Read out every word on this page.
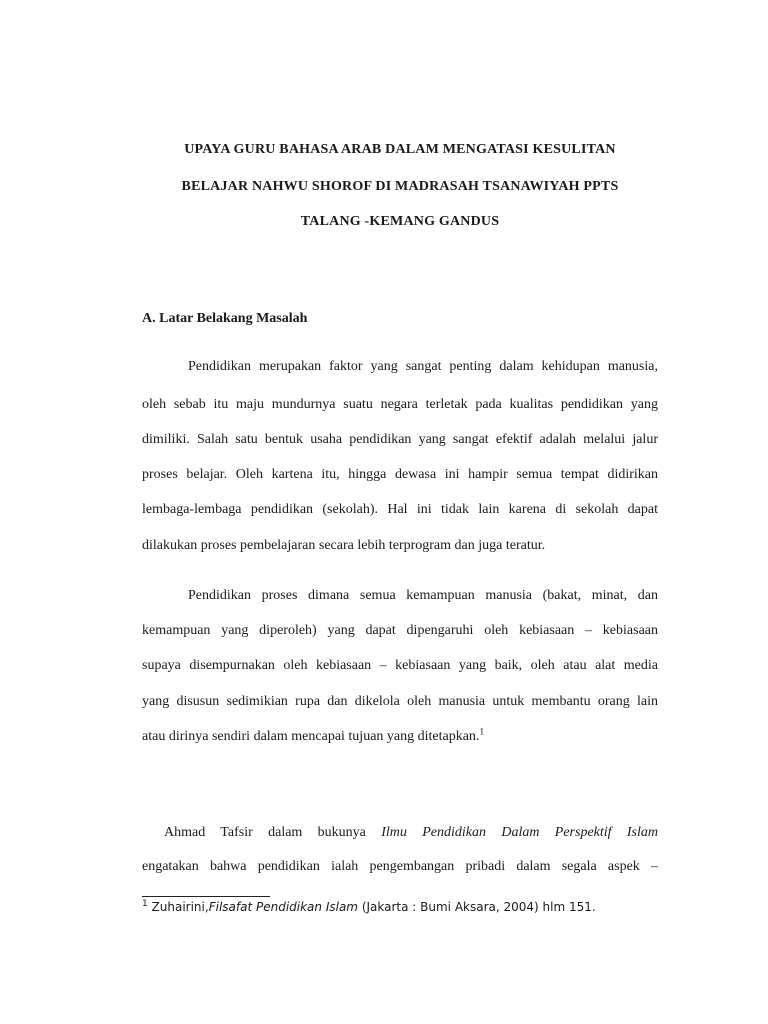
UPAYA GURU BAHASA ARAB DALAM MENGATASI KESULITAN
BELAJAR NAHWU SHOROF DI MADRASAH TSANAWIYAH PPTS
TALANG -KEMANG GANDUS
A. Latar Belakang Masalah
Pendidikan merupakan faktor yang sangat penting dalam kehidupan manusia,
oleh sebab itu maju mundurnya suatu negara terletak pada kualitas pendidikan yang
dimiliki. Salah satu bentuk usaha pendidikan yang sangat efektif adalah melalui jalur
proses belajar. Oleh kartena itu, hingga dewasa ini hampir semua tempat didirikan
lembaga-lembaga pendidikan (sekolah). Hal ini tidak lain karena di sekolah dapat
dilakukan proses pembelajaran secara lebih terprogram dan juga teratur.
Pendidikan proses dimana semua kemampuan manusia (bakat, minat, dan
kemampuan yang diperoleh) yang dapat dipengaruhi oleh kebiasaan – kebiasaan
supaya disempurnakan oleh kebiasaan – kebiasaan yang baik, oleh atau alat media
yang disusun sedimikian rupa dan dikelola oleh manusia untuk membantu orang lain
atau dirinya sendiri dalam mencapai tujuan yang ditetapkan.$^1$
Ahmad Tafsir dalam bukunya Ilmu Pendidikan Dalam Perspektif Islam
engatakan bahwa pendidikan ialah pengembangan pribadi dalam segala aspek –
$^1$ Zuhairini,Filsafat Pendidikan Islam (Jakarta : Bumi Aksara, 2004) hlm 151.
